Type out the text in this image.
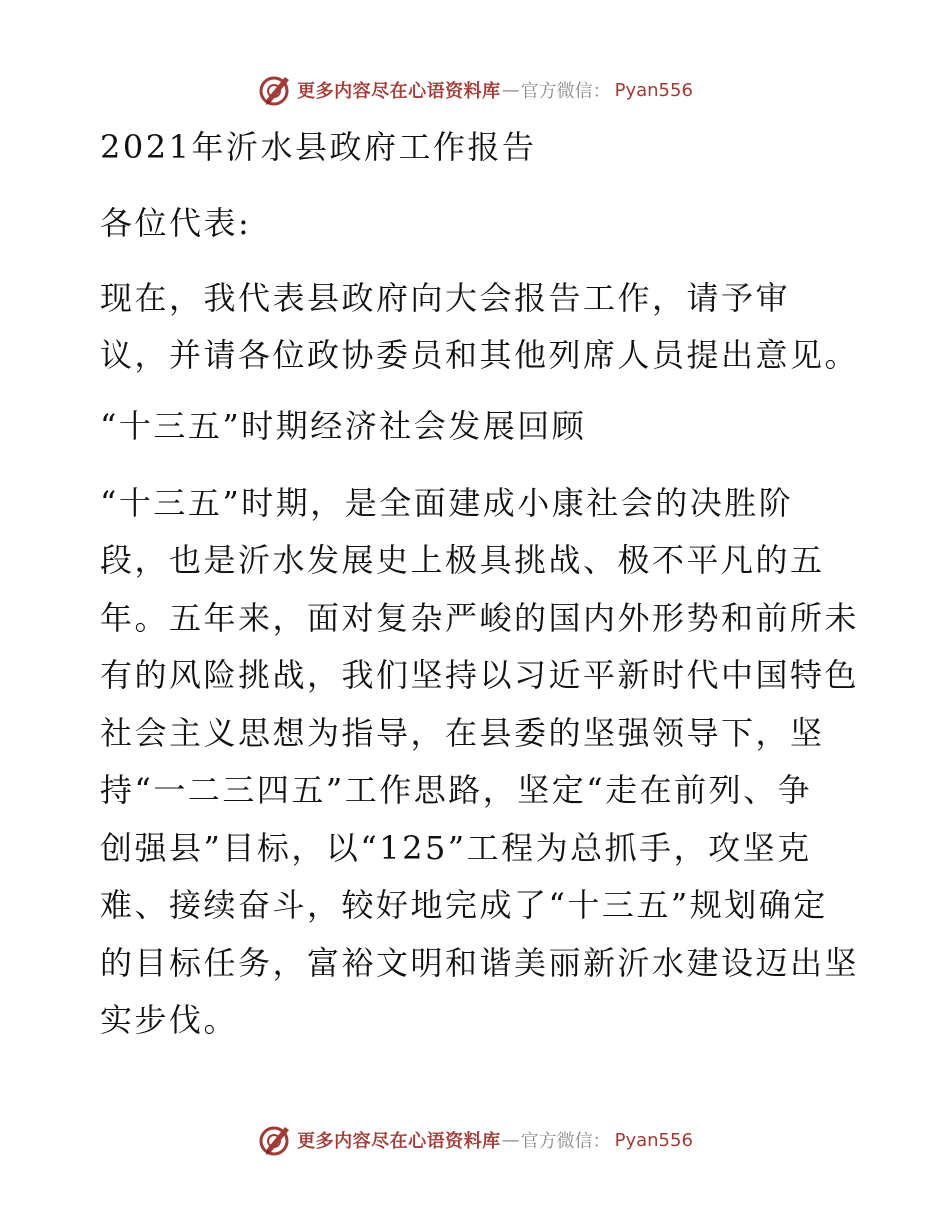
更多内容尽在心语资料库 — 官方微信： Pyan556
2021年沂水县政府工作报告
各位代表:
现在，我代表县政府向大会报告工作，请予审
议，并请各位政协委员和其他列席人员提出意见。
“十三五”时期经济社会发展回顾
“十三五”时期，是全面建成小康社会的决胜阶
段，也是沂水发展史上极具挑战、极不平凡的五
年。五年来，面对复杂严峻的国内外形势和前所未
有的风险挑战，我们坚持以习近平新时代中国特色
社会主义思想为指导，在县委的坚强领导下，坚
持“一二三四五”工作思路，坚定“走在前列、争
创强县”目标，以“125”工程为总抓手，攻坚克
难、接续奋斗，较好地完成了“十三五”规划确定
的目标任务，富裕文明和谐美丽新沂水建设迈出坚
实步伐。
更多内容尽在心语资料库 — 官方微信： Pyan556
